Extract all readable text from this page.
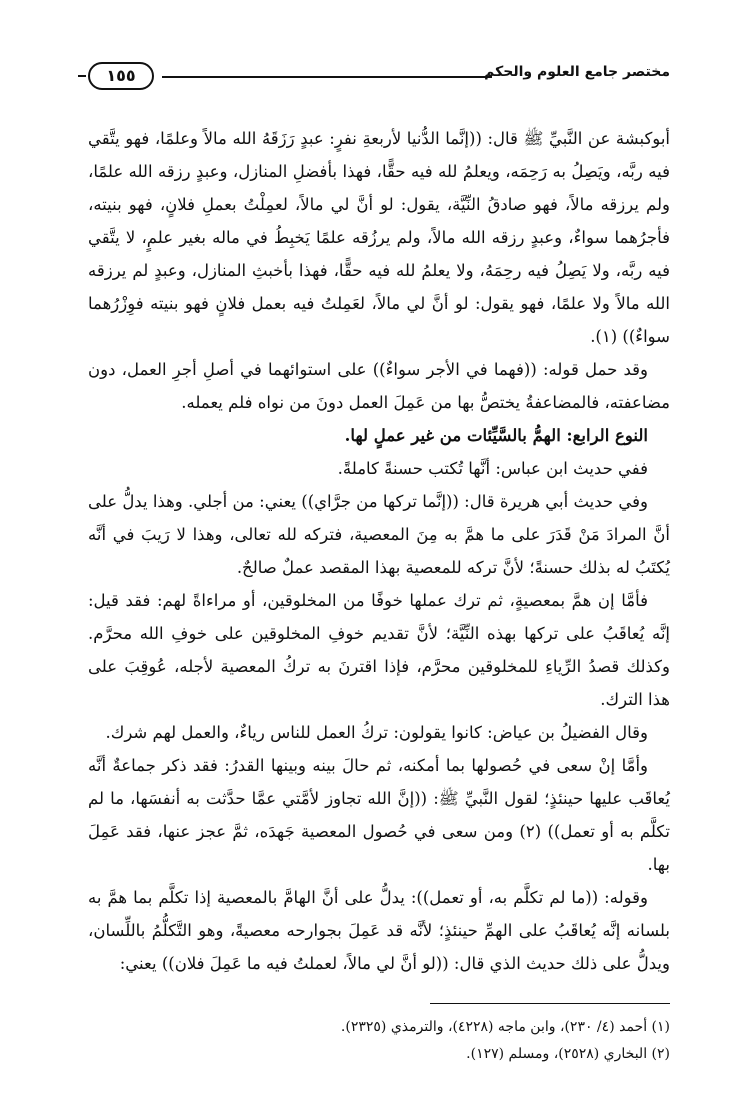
١٥٥	مختصر جامع العلوم والحكم

أبوكبشة عن النَّبيِّ ﷺ قال: ((إنَّما الدُّنيا لأربعةِ نفرٍ: عبدٍ رَزَقَهُ الله مالاً وعلمًا، فهو يتَّقي فيه ربَّه، ويَصِلُ به رَحِمَه، ويعلمُ لله فيه حقًّا، فهذا بأفضلِ المنازل، وعبدٍ رزقه الله علمًا، ولم يرزقه مالاً، فهو صادقُ النِّيَّة، يقول: لو أنَّ لي مالاً، لعمِلْتُ بعملِ فلانٍ، فهو بنيته، فأجرُهما سواءٌ، وعبدٍ رزقه الله مالاً، ولم يرزُقه علمًا يَخبِطُ في ماله بغير علمٍ، لا يتَّقي فيه ربَّه، ولا يَصِلُ فيه رحِمَهُ، ولا يعلمُ لله فيه حقًّا، فهذا بأخبثِ المنازل، وعبدٍ لم يرزقه الله مالاً ولا علمًا، فهو يقول: لو أنَّ لي مالاً، لعَمِلتُ فيه بعمل فلانٍ فهو بنيته فوِزْرُهما سواءٌ)) (١).

وقد حمل قوله: ((فهما في الأجر سواءٌ)) على استوائهما في أصلِ أجرِ العمل، دون مضاعفته، فالمضاعفةُ يختصُّ بها من عَمِلَ العمل دونَ من نواه فلم يعمله.

النوع الرابع: الهمُّ بالسَّيِّئات من غير عملٍ لها.

ففي حديث ابن عباس: أنَّها تُكتب حسنةً كاملةً.

وفي حديث أبي هريرة قال: ((إنَّما تركها من جرَّاي)) يعني: من أجلي. وهذا يدلُّ على أنَّ المرادَ مَنْ قَدَرَ على ما همَّ به مِنَ المعصية، فتركه لله تعالى، وهذا لا رَيبَ في أنَّه يُكتَبُ له بذلك حسنةً؛ لأنَّ تركه للمعصية بهذا المقصد عملٌ صالحٌ.

فأمَّا إن همَّ بمعصيةٍ، ثم ترك عملها خوفًا من المخلوقين، أو مراءاةً لهم: فقد قيل: إنَّه يُعاقَبُ على تركها بهذه النِّيَّة؛ لأنَّ تقديم خوفِ المخلوقين على خوفِ الله محرَّم. وكذلك قصدُ الرِّياءِ للمخلوقين محرَّم، فإذا اقترنَ به تركُ المعصية لأجله، عُوقِبَ على هذا الترك.

وقال الفضيلُ بن عياض: كانوا يقولون: تركُ العمل للناس رياءٌ، والعمل لهم شرك.

وأمَّا إنْ سعى في حُصولها بما أمكنه، ثم حالَ بينه وبينها القدرُ: فقد ذكر جماعةٌ أنَّه يُعاقَب عليها حينئذٍ؛ لقول النَّبيِّ ﷺ: ((إنَّ الله تجاوز لأمَّتي عمَّا حدَّثت به أنفسَها، ما لم تكلَّم به أو تعمل)) (٢) ومن سعى في حُصول المعصية جَهدَه، ثمَّ عجز عنها، فقد عَمِلَ بها.

وقوله: ((ما لم تكلَّم به، أو تعمل)): يدلُّ على أنَّ الهامَّ بالمعصية إذا تكلَّم بما همَّ به بلسانه إنَّه يُعاقَبُ على الهمِّ حينئذٍ؛ لأنَّه قد عَمِلَ بجوارحه معصيةً، وهو التَّكلُّمُ باللِّسان، ويدلُّ على ذلك حديث الذي قال: ((لو أنَّ لي مالاً، لعملتُ فيه ما عَمِلَ فلان)) يعني:

(١) أحمد (٤/ ٢٣٠)، وابن ماجه (٤٢٢٨)، والترمذي (٢٣٢٥).

(٢) البخاري (٢٥٢٨)، ومسلم (١٢٧).
